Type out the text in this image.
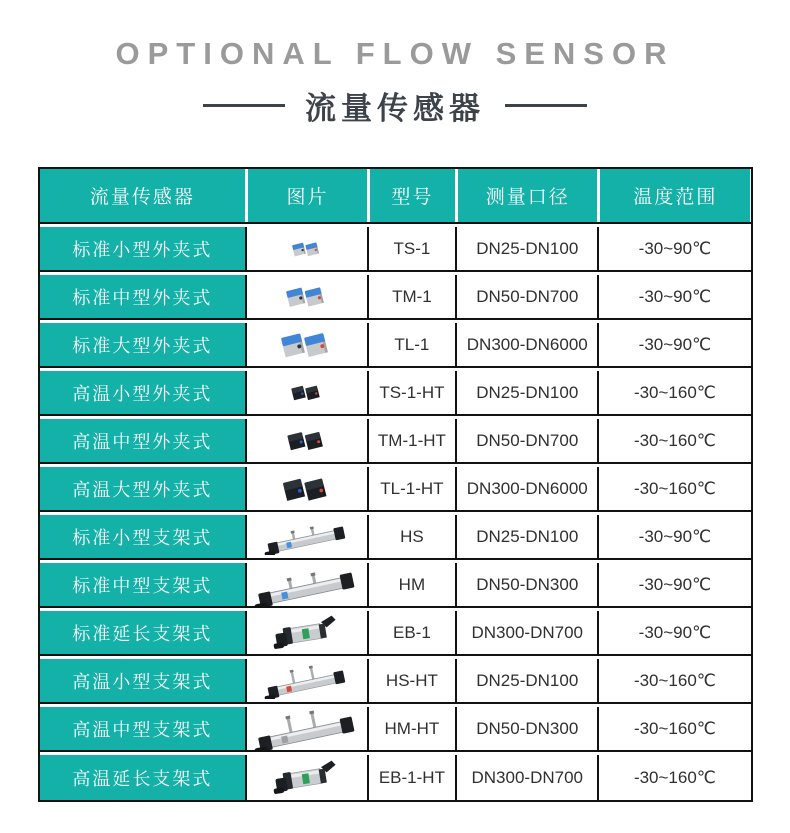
OPTIONAL FLOW SENSOR
流量传感器
流量传感器	图片	型号	测量口径	温度范围
标准小型外夹式	TS-1	DN25-DN100	-30~90℃
标准中型外夹式	TM-1	DN50-DN700	-30~90℃
标准大型外夹式	TL-1	DN300-DN6000	-30~90℃
高温小型外夹式	TS-1-HT	DN25-DN100	-30~160℃
高温中型外夹式	TM-1-HT	DN50-DN700	-30~160℃
高温大型外夹式	TL-1-HT	DN300-DN6000	-30~160℃
标准小型支架式	HS	DN25-DN100	-30~90℃
标准中型支架式	HM	DN50-DN300	-30~90℃
标准延长支架式	EB-1	DN300-DN700	-30~90℃
高温小型支架式	HS-HT	DN25-DN100	-30~160℃
高温中型支架式	HM-HT	DN50-DN300	-30~160℃
高温延长支架式	EB-1-HT	DN300-DN700	-30~160℃
